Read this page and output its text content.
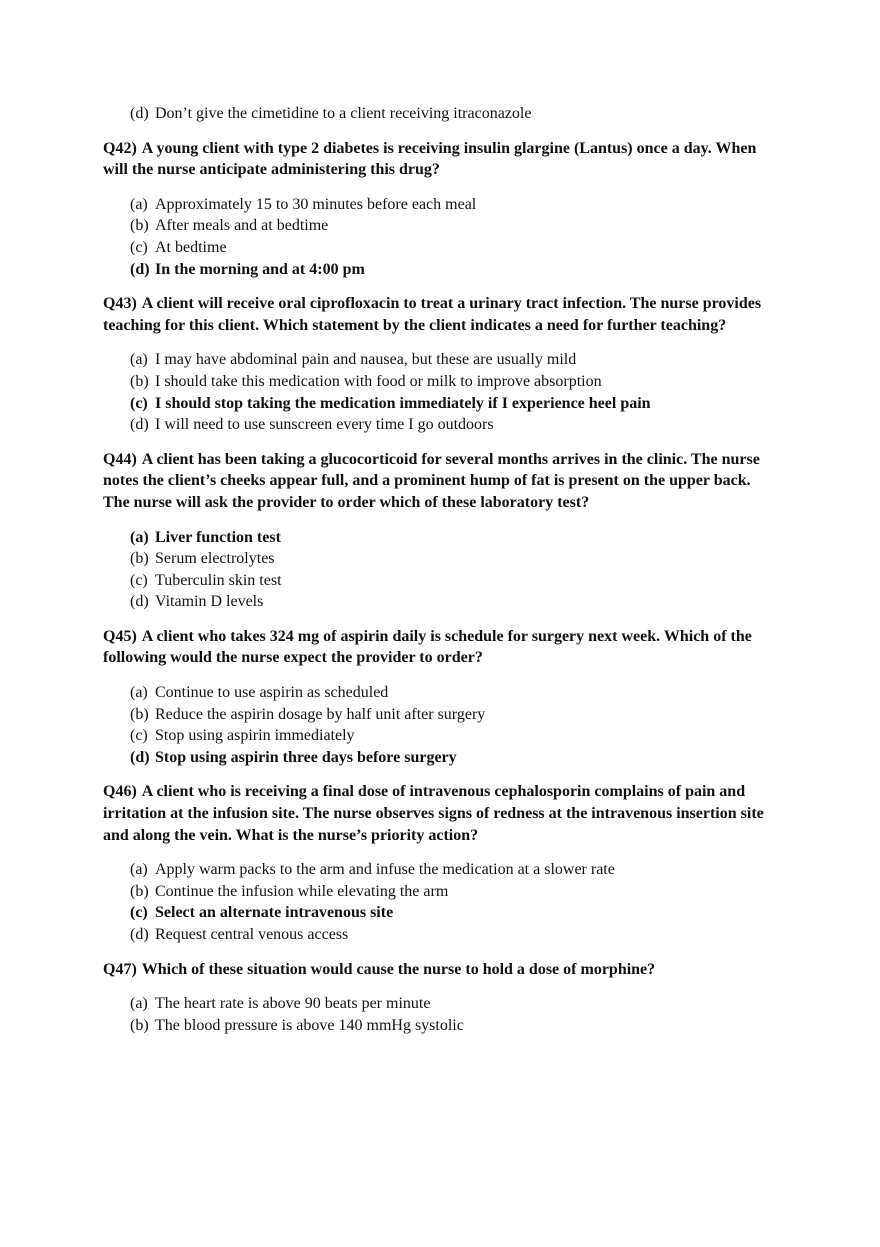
(d) Don’t give the cimetidine to a client receiving itraconazole

Q42) A young client with type 2 diabetes is receiving insulin glargine (Lantus) once a day. When will the nurse anticipate administering this drug?

(a) Approximately 15 to 30 minutes before each meal
(b) After meals and at bedtime
(c) At bedtime
(d) In the morning and at 4:00 pm

Q43) A client will receive oral ciprofloxacin to treat a urinary tract infection. The nurse provides teaching for this client. Which statement by the client indicates a need for further teaching?

(a) I may have abdominal pain and nausea, but these are usually mild
(b) I should take this medication with food or milk to improve absorption
(c) I should stop taking the medication immediately if I experience heel pain
(d) I will need to use sunscreen every time I go outdoors

Q44) A client has been taking a glucocorticoid for several months arrives in the clinic. The nurse notes the client’s cheeks appear full, and a prominent hump of fat is present on the upper back. The nurse will ask the provider to order which of these laboratory test?

(a) Liver function test
(b) Serum electrolytes
(c) Tuberculin skin test
(d) Vitamin D levels

Q45) A client who takes 324 mg of aspirin daily is schedule for surgery next week. Which of the following would the nurse expect the provider to order?

(a) Continue to use aspirin as scheduled
(b) Reduce the aspirin dosage by half unit after surgery
(c) Stop using aspirin immediately
(d) Stop using aspirin three days before surgery

Q46) A client who is receiving a final dose of intravenous cephalosporin complains of pain and irritation at the infusion site. The nurse observes signs of redness at the intravenous insertion site and along the vein. What is the nurse’s priority action?

(a) Apply warm packs to the arm and infuse the medication at a slower rate
(b) Continue the infusion while elevating the arm
(c) Select an alternate intravenous site
(d) Request central venous access

Q47) Which of these situation would cause the nurse to hold a dose of morphine?

(a) The heart rate is above 90 beats per minute
(b) The blood pressure is above 140 mmHg systolic
